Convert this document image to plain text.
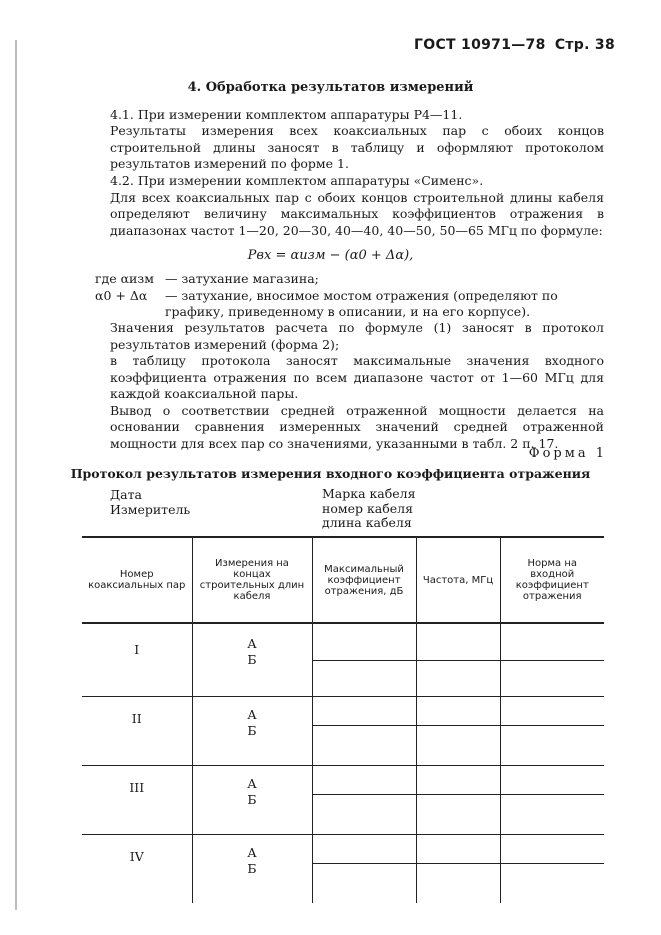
ГОСТ 10971—78 Стр. 38
4. Обработка результатов измерений
4.1. При измерении комплектом аппаратуры Р4—11.
Результаты измерения всех коаксиальных пар с обоих концов строительной длины заносят в таблицу и оформляют протоколом результатов измерений по форме 1.
4.2. При измерении комплектом аппаратуры «Сименс».
Для всех коаксиальных пар с обоих концов строительной длины кабеля определяют величину максимальных коэффициентов отражения в диапазонах частот 1—20, 20—30, 40—40, 40—50, 50—65 МГц по формуле:
Pвх = αизм − (α0 + Δα),
где αизм — затухание магазина;
α0 + Δα	— затухание, вносимое мостом отражения (определяют по графику, приведенному в описании, и на его корпусе).
Значения результатов расчета по формуле (1) заносят в протокол результатов измерений (форма 2);
в таблицу протокола заносят максимальные значения входного коэффициента отражения по всем диапазоне частот от 1—60 МГц для каждой коаксиальной пары.
Вывод о соответствии средней отраженной мощности делается на основании сравнения измеренных значений средней отраженной мощности для всех пар со значениями, указанными в табл. 2 п. 17.
Форма 1
Протокол результатов измерения входного коэффициента отражения
Дата
Измеритель
Марка кабеля
номер кабеля
длина кабеля
Номер коаксиальных пар	Измерения на концах строительных длин кабеля	Максимальный коэффициент отражения, дБ	Частота, МГц	Норма на входной коэффициент отражения
I	А
Б			

II	А
Б			

III	А
Б			

IV	А
Б			
